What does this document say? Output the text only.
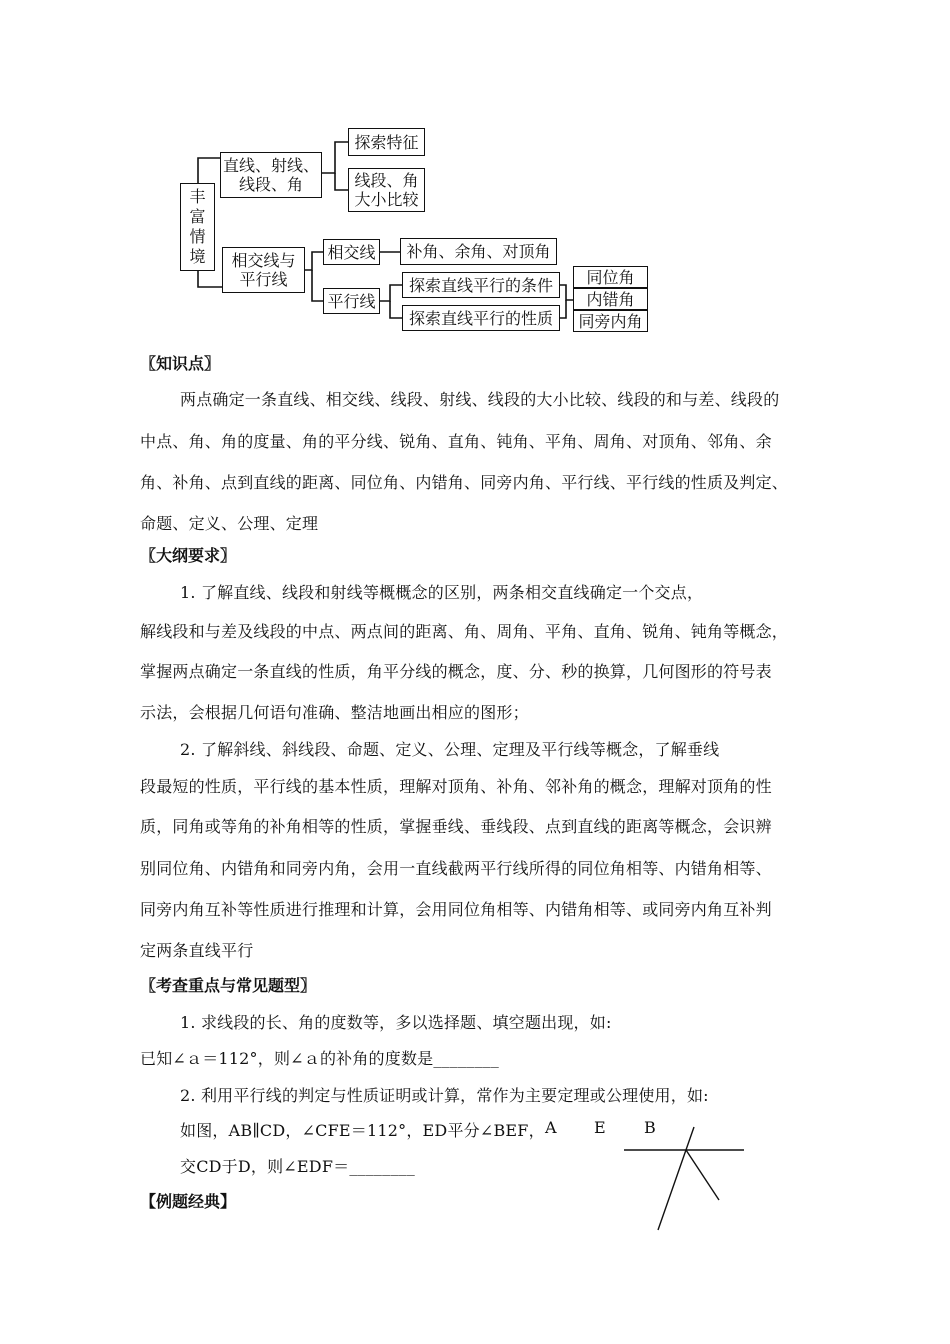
丰富情境
直线、射线、
线段、角
探索特征
线段、角
大小比较
相交线与
平行线
相交线 补角、余角、对顶角
平行线
探索直线平行的条件
探索直线平行的性质
同位角
内错角
同旁内角
〖知识点〗
两点确定一条直线、相交线、线段、射线、线段的大小比较、线段的和与差、线段的
中点、角、角的度量、角的平分线、锐角、直角、钝角、平角、周角、对顶角、邻角、余
角、补角、点到直线的距离、同位角、内错角、同旁内角、平行线、平行线的性质及判定、
命题、定义、公理、定理
〖大纲要求〗
1. 了解直线、线段和射线等概概念的区别，两条相交直线确定一个交点，
解线段和与差及线段的中点、两点间的距离、角、周角、平角、直角、锐角、钝角等概念，
掌握两点确定一条直线的性质，角平分线的概念，度、分、秒的换算，几何图形的符号表
示法，会根据几何语句准确、整洁地画出相应的图形；
2. 了解斜线、斜线段、命题、定义、公理、定理及平行线等概念，了解垂线
段最短的性质，平行线的基本性质，理解对顶角、补角、邻补角的概念，理解对顶角的性
质，同角或等角的补角相等的性质，掌握垂线、垂线段、点到直线的距离等概念，会识辨
别同位角、内错角和同旁内角，会用一直线截两平行线所得的同位角相等、内错角相等、
同旁内角互补等性质进行推理和计算，会用同位角相等、内错角相等、或同旁内角互补判
定两条直线平行
〖考查重点与常见题型〗
1. 求线段的长、角的度数等，多以选择题、填空题出现，如:
已知∠ａ＝112°，则∠ａ的补角的度数是________
2. 利用平行线的判定与性质证明或计算，常作为主要定理或公理使用，如:
如图，AB∥CD，∠CFE＝112°，ED平分∠BEF，
交CD于D，则∠EDF＝________
A E B
【例题经典】
